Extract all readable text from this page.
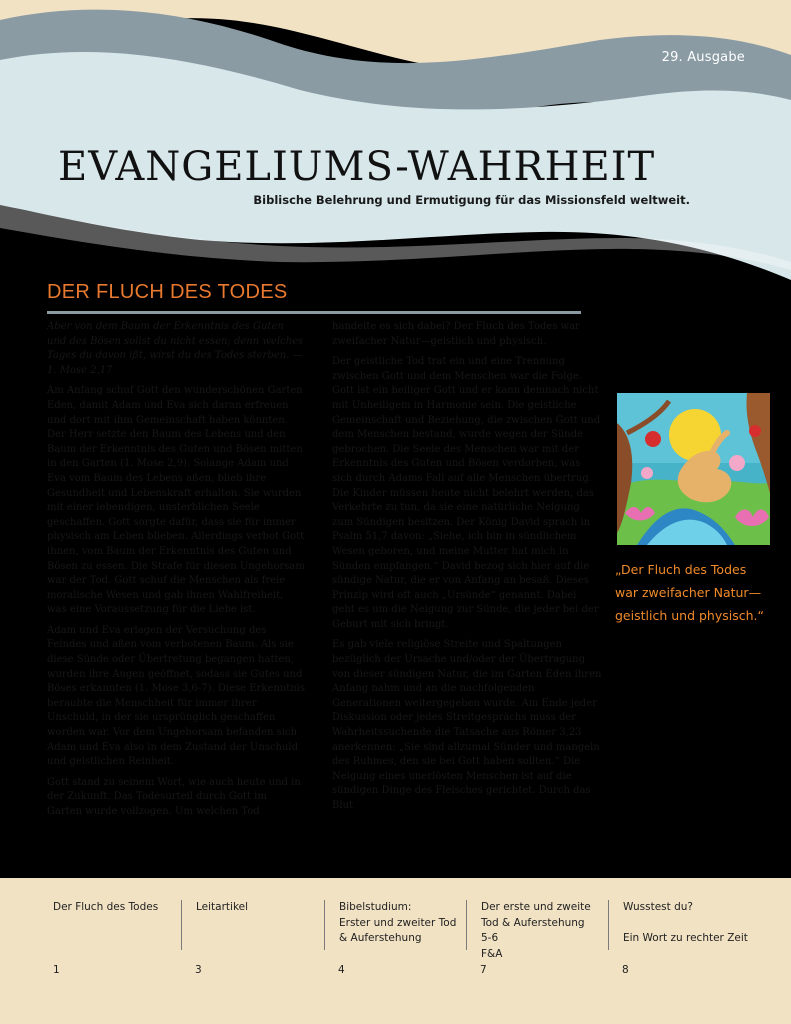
29. Ausgabe
EVANGELIUMS-WAHRHEIT
Biblische Belehrung und Ermutigung für das Missionsfeld weltweit.
DER FLUCH DES TODES

Aber von dem Baum der Erkenntnis des Guten und des Bösen sollst du nicht essen; denn welches Tages du davon ißt, wirst du des Todes sterben. —1. Mose 2,17

Am Anfang schuf Gott den wunderschönen Garten Eden, damit Adam und Eva sich daran erfreuen und dort mit ihm Gemeinschaft haben könnten. Der Herr setzte den Baum des Lebens und den Baum der Erkenntnis des Guten und Bösen mitten in den Garten (1. Mose 2,9). Solange Adam und Eva vom Baum des Lebens aßen, blieb ihre Gesundheit und Lebenskraft erhalten. Sie wurden mit einer lebendigen, unsterblichen Seele geschaffen. Gott sorgte dafür, dass sie für immer physisch am Leben blieben. Allerdings verbot Gott ihnen, vom Baum der Erkenntnis des Guten und Bösen zu essen. Die Strafe für diesen Ungehorsam war der Tod. Gott schuf die Menschen als freie moralische Wesen und gab ihnen Wahlfreiheit, was eine Voraussetzung für die Liebe ist.

Adam und Eva erlagen der Versuchung des Feindes und aßen vom verbotenen Baum. Als sie diese Sünde oder Übertretung begangen hatten, wurden ihre Augen geöffnet, sodass sie Gutes und Böses erkannten (1. Mose 3,6-7). Diese Erkenntnis beraubte die Menschheit für immer ihrer Unschuld, in der sie ursprünglich geschaffen worden war. Vor dem Ungehorsam befanden sich Adam und Eva also in dem Zustand der Unschuld und geistlichen Reinheit.

Gott stand zu seinem Wort, wie auch heute und in der Zukunft. Das Todesurteil durch Gott im Garten wurde vollzogen. Um welchen Tod

handelte es sich dabei? Der Fluch des Todes war zweifacher Natur—geistlich und physisch.

Der geistliche Tod trat ein und eine Trennung zwischen Gott und dem Menschen war die Folge. Gott ist ein heiliger Gott und er kann demnach nicht mit Unheiligem in Harmonie sein. Die geistliche Gemeinschaft und Beziehung, die zwischen Gott und dem Menschen bestand, wurde wegen der Sünde gebrochen. Die Seele des Menschen war mit der Erkenntnis des Guten und Bösen verdorben, was sich durch Adams Fall auf alle Menschen übertrug. Die Kinder müssen heute nicht belehrt werden, das Verkehrte zu tun, da sie eine natürliche Neigung zum Sündigen besitzen. Der König David sprach in Psalm 51,7 davon: „Siehe, ich bin in sündlichem Wesen geboren, und meine Mutter hat mich in Sünden empfangen.“ David bezog sich hier auf die sündige Natur, die er von Anfang an besaß. Dieses Prinzip wird oft auch „Ursünde“ genannt. Dabei geht es um die Neigung zur Sünde, die jeder bei der Geburt mit sich bringt.

Es gab viele religiöse Streite und Spaltungen bezüglich der Ursache und/oder der Übertragung von dieser sündigen Natur, die im Garten Eden ihren Anfang nahm und an die nachfolgenden Generationen weitergegeben wurde. Am Ende jeder Diskussion oder jedes Streitgesprächs muss der Wahrheitssuchende die Tatsache aus Römer 3,23 anerkennen: „Sie sind allzumal Sünder und mangeln des Ruhmes, den sie bei Gott haben sollten.“ Die Neigung eines unerlösten Menschen ist auf die sündigen Dinge des Fleisches gerichtet. Durch das Blut

„Der Fluch des Todes war zweifacher Natur—geistlich und physisch.“

Der Fluch des Todes
1
Leitartikel
3
Bibelstudium:
Erster und zweiter Tod & Auferstehung
4
Der erste und zweite Tod & Auferstehung
5-6
F&A
7
Wusstest du?

Ein Wort zu rechter Zeit
8
